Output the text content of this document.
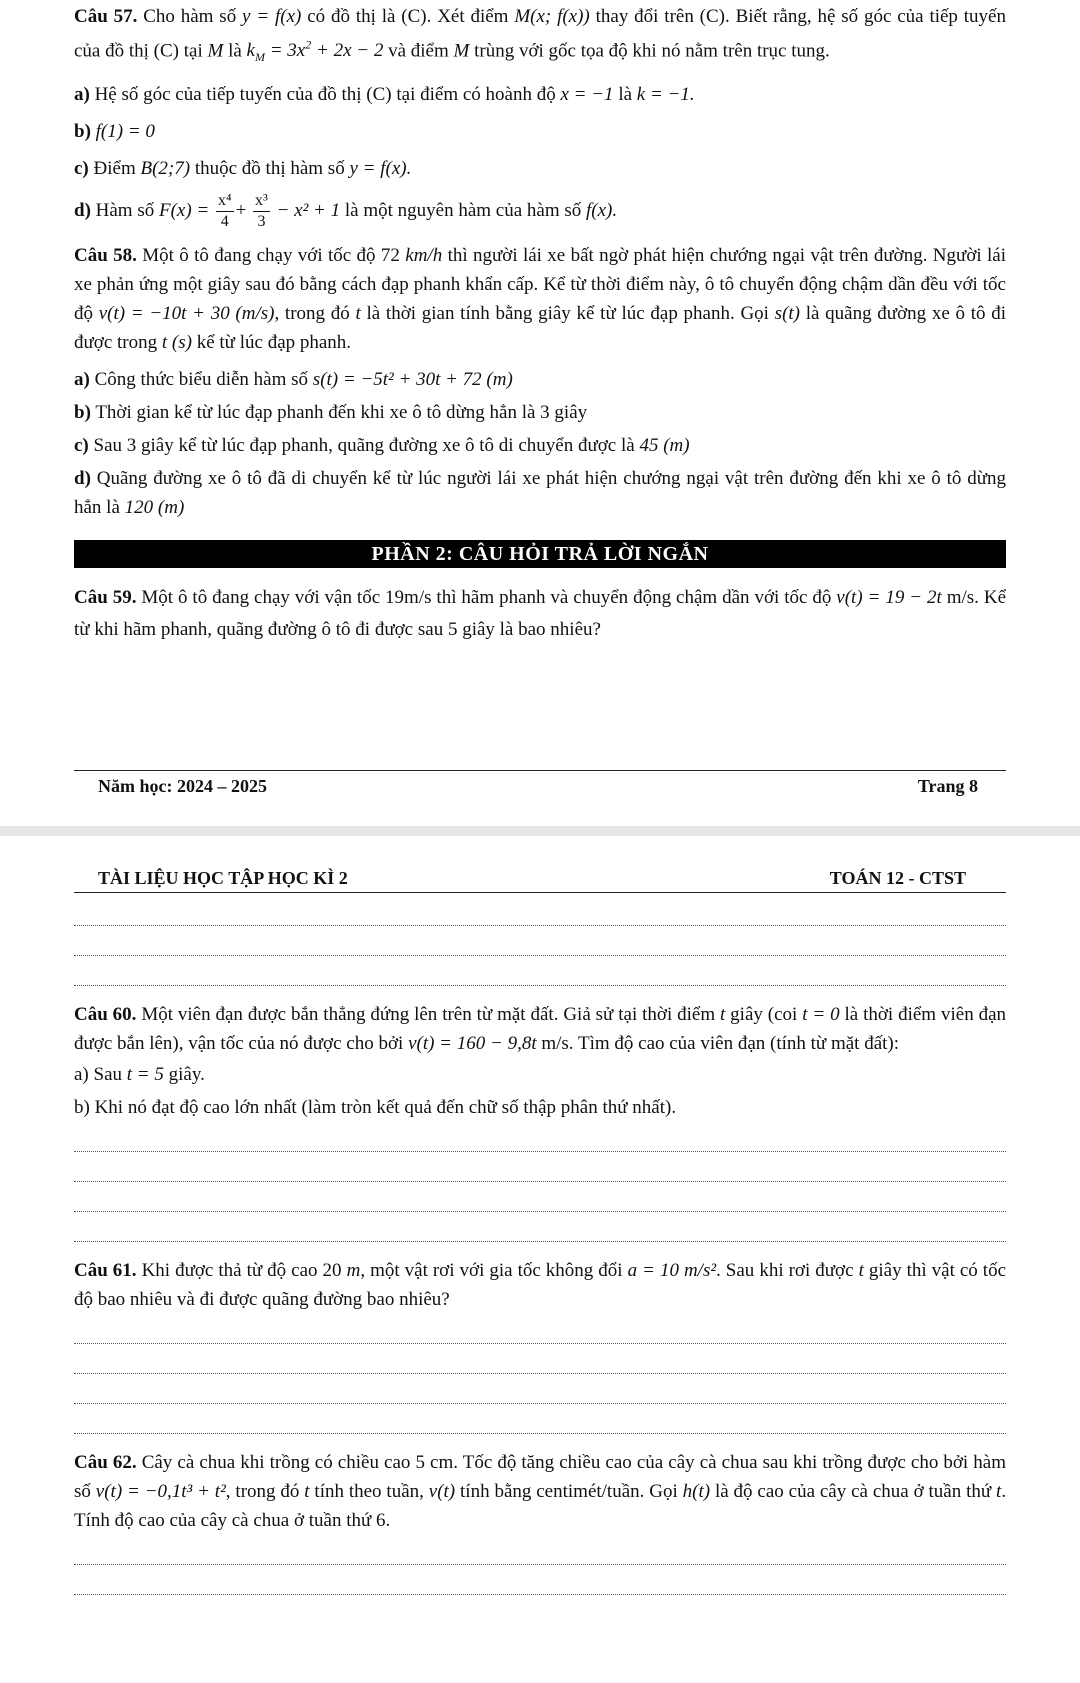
Câu 57. Cho hàm số y = f(x) có đồ thị là (C). Xét điểm M(x; f(x)) thay đổi trên (C). Biết rằng, hệ số góc của tiếp tuyến của đồ thị (C) tại M là $k_M = 3x^2 + 2x - 2$ và điểm M trùng với gốc tọa độ khi nó nằm trên trục tung.

a) Hệ số góc của tiếp tuyến của đồ thị (C) tại điểm có hoành độ x = −1 là k = −1.

b) f(1) = 0

c) Điểm B(2;7) thuộc đồ thị hàm số y = f(x).

d) Hàm số $F(x) = \frac{\text{x⁴}}{4} + \frac{\text{x³}}{3} - x^2 + 1$ là một nguyên hàm của hàm số f(x).

Câu 58. Một ô tô đang chạy với tốc độ 72 km/h thì người lái xe bất ngờ phát hiện chướng ngại vật trên đường. Người lái xe phản ứng một giây sau đó bằng cách đạp phanh khẩn cấp. Kể từ thời điểm này, ô tô chuyển động chậm dần đều với tốc độ v(t) = −10t + 30 (m/s), trong đó t là thời gian tính bằng giây kể từ lúc đạp phanh. Gọi s(t) là quãng đường xe ô tô đi được trong t (s) kể từ lúc đạp phanh.

a) Công thức biểu diễn hàm số s(t) = −5t² + 30t + 72 (m)

b) Thời gian kể từ lúc đạp phanh đến khi xe ô tô dừng hẳn là 3 giây

c) Sau 3 giây kể từ lúc đạp phanh, quãng đường xe ô tô di chuyển được là 45 (m)

d) Quãng đường xe ô tô đã di chuyển kể từ lúc người lái xe phát hiện chướng ngại vật trên đường đến khi xe ô tô dừng hẳn là 120 (m)

PHẦN 2: CÂU HỎI TRẢ LỜI NGẮN

Câu 59. Một ô tô đang chạy với vận tốc 19m/s thì hãm phanh và chuyển động chậm dần với tốc độ v(t) = 19 − 2t m/s. Kể từ khi hãm phanh, quãng đường ô tô đi được sau 5 giây là bao nhiêu?

Năm học: 2024 – 2025	Trang 8
TÀI LIỆU HỌC TẬP HỌC KÌ 2	TOÁN 12 - CTST

Câu 60. Một viên đạn được bắn thẳng đứng lên trên từ mặt đất. Giả sử tại thời điểm t giây (coi t = 0 là thời điểm viên đạn được bắn lên), vận tốc của nó được cho bởi v(t) = 160 − 9,8t m/s. Tìm độ cao của viên đạn (tính từ mặt đất):

a) Sau t = 5 giây.

b) Khi nó đạt độ cao lớn nhất (làm tròn kết quả đến chữ số thập phân thứ nhất).

Câu 61. Khi được thả từ độ cao 20 m, một vật rơi với gia tốc không đổi a = 10 m/s². Sau khi rơi được t giây thì vật có tốc độ bao nhiêu và đi được quãng đường bao nhiêu?

Câu 62. Cây cà chua khi trồng có chiều cao 5 cm. Tốc độ tăng chiều cao của cây cà chua sau khi trồng được cho bởi hàm số v(t) = −0,1t³ + t², trong đó t tính theo tuần, v(t) tính bằng centimét/tuần. Gọi h(t) là độ cao của cây cà chua ở tuần thứ t. Tính độ cao của cây cà chua ở tuần thứ 6.
